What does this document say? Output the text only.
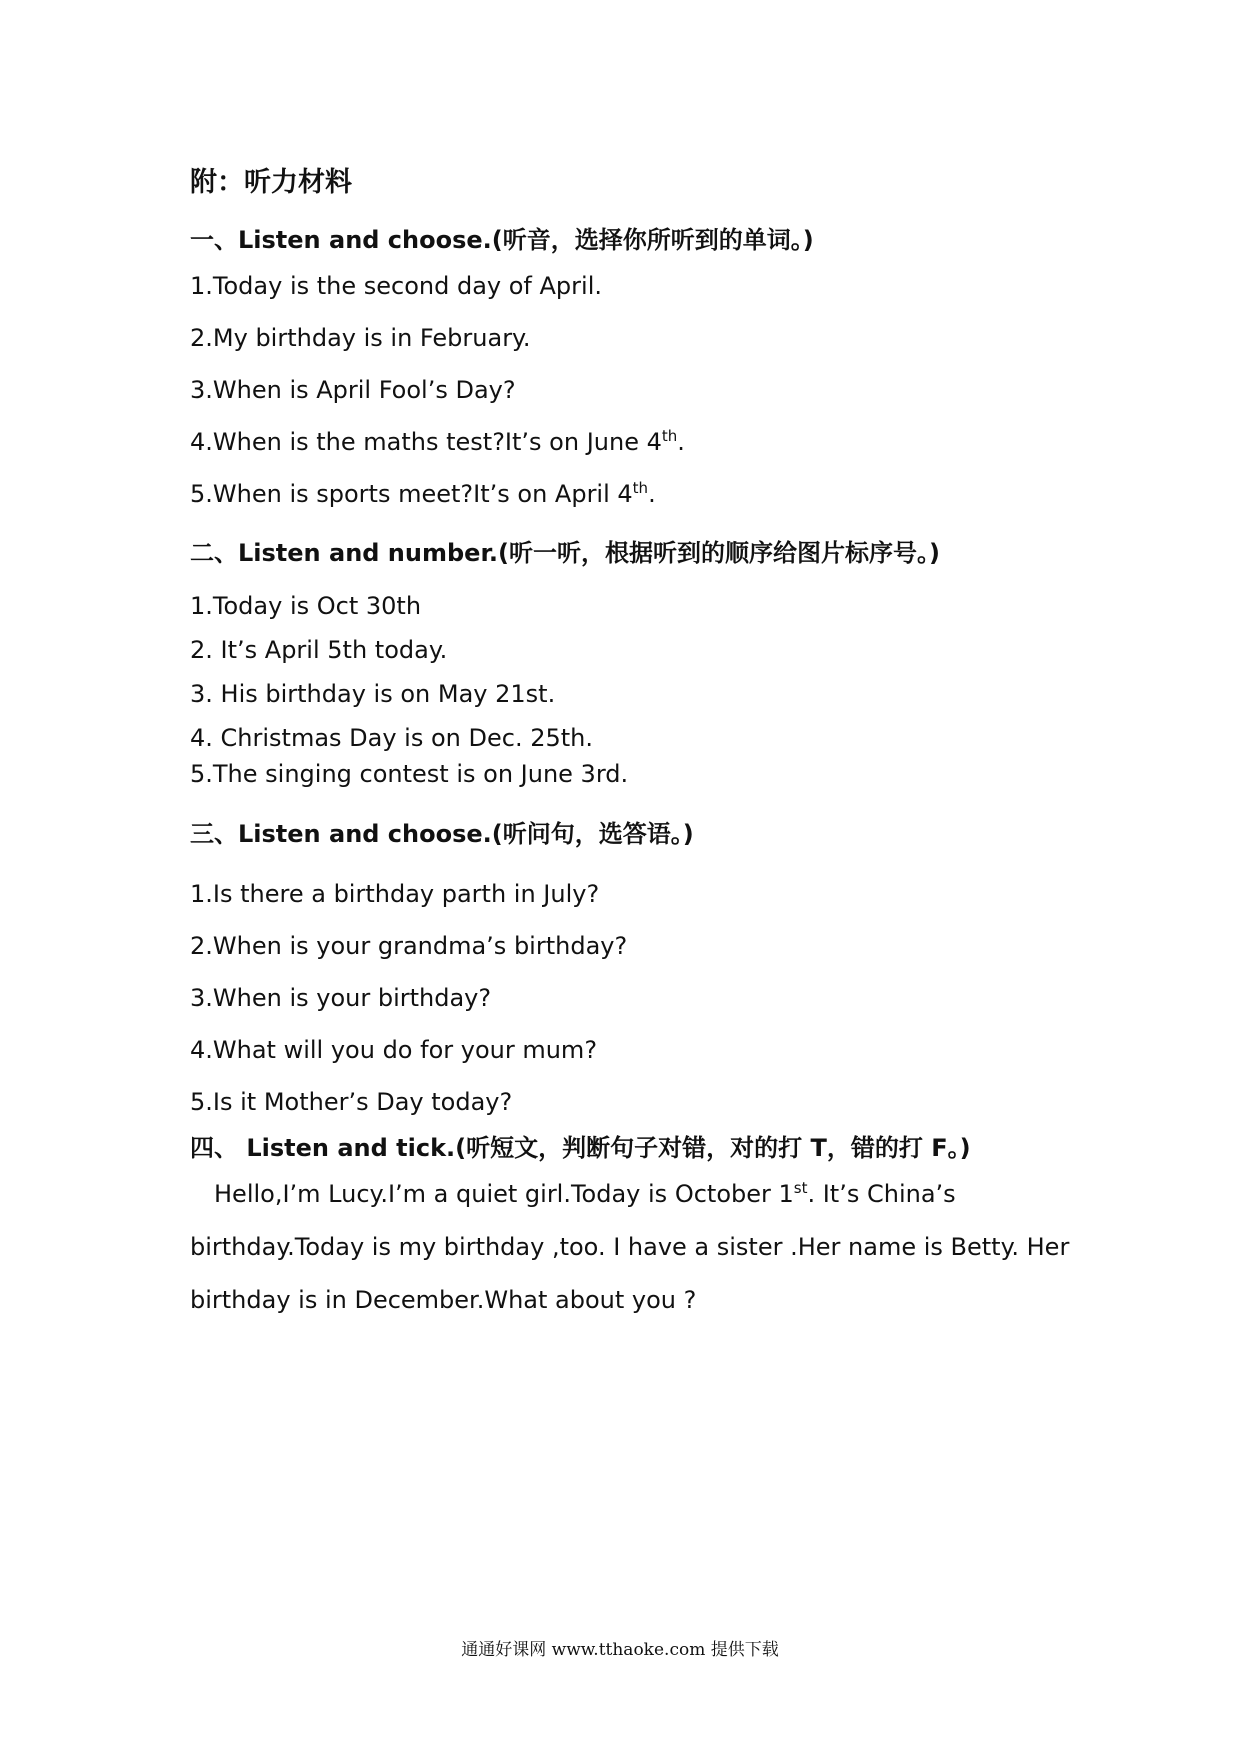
附：听力材料
一、Listen and choose.(听音，选择你所听到的单词。)
1.Today is the second day of April.
2.My birthday is in February.
3.When is April Fool’s Day?
4.When is the maths test?It’s on June 4th.
5.When is sports meet?It’s on April 4th.
二、Listen and number.(听一听，根据听到的顺序给图片标序号。)
1.Today is Oct 30th
2. It’s April 5th today.
3. His birthday is on May 21st.
4. Christmas Day is on Dec. 25th.
5.The singing contest is on June 3rd.
三、Listen and choose.(听问句，选答语。)
1.Is there a birthday parth in July?
2.When is your grandma’s birthday?
3.When is your birthday?
4.What will you do for your mum?
5.Is it Mother’s Day today?
四、 Listen and tick.(听短文，判断句子对错，对的打 T，错的打 F。)
Hello,I’m Lucy.I’m a quiet girl.Today is October 1st. It’s China’s birthday.Today is my birthday ,too. I have a sister .Her name is Betty. Her birthday is in December.What about you ?
通通好课网 www.tthaoke.com 提供下载
